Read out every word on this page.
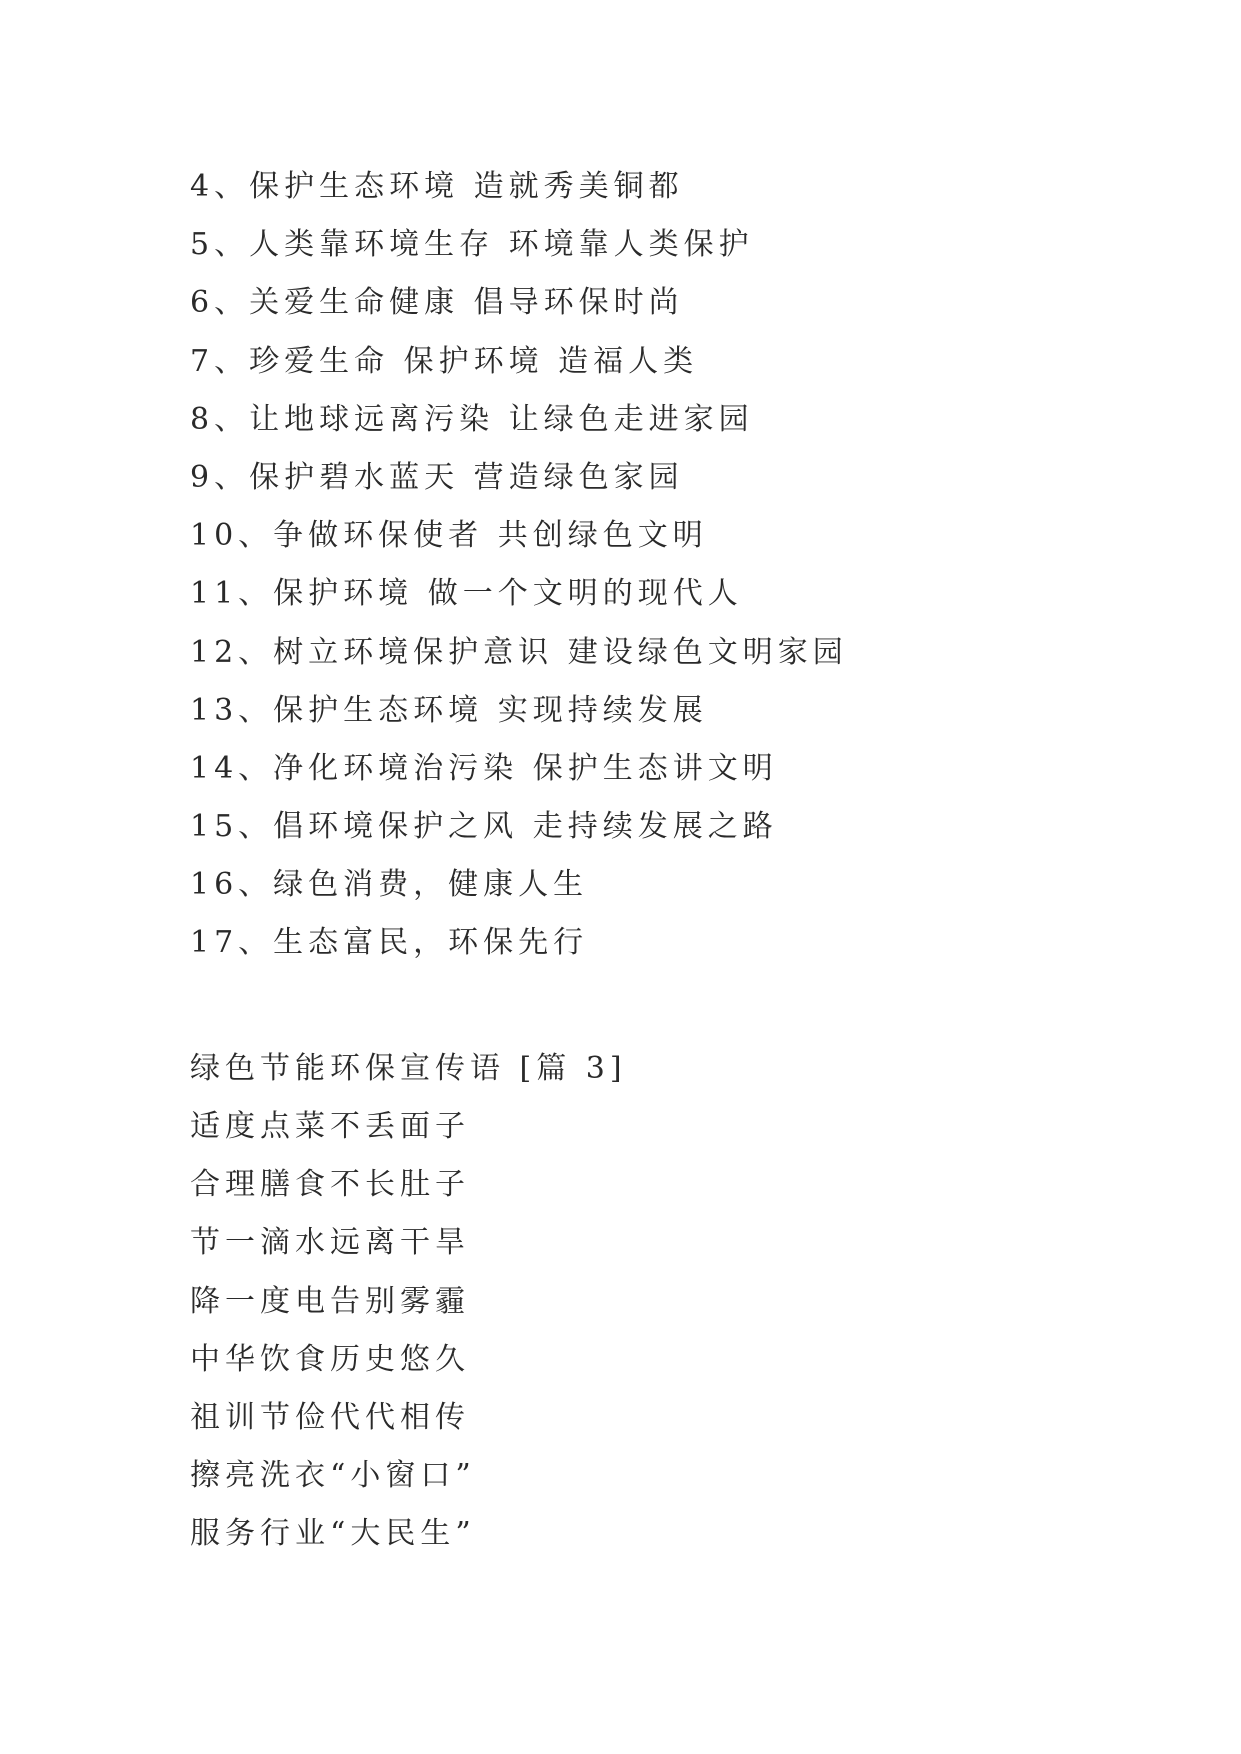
4、保护生态环境 造就秀美铜都
5、人类靠环境生存 环境靠人类保护
6、关爱生命健康 倡导环保时尚
7、珍爱生命 保护环境 造福人类
8、让地球远离污染 让绿色走进家园
9、保护碧水蓝天 营造绿色家园
10、争做环保使者 共创绿色文明
11、保护环境 做一个文明的现代人
12、树立环境保护意识 建设绿色文明家园
13、保护生态环境 实现持续发展
14、净化环境治污染 保护生态讲文明
15、倡环境保护之风 走持续发展之路
16、绿色消费，健康人生
17、生态富民，环保先行
绿色节能环保宣传语 [篇 3]
适度点菜不丢面子
合理膳食不长肚子
节一滴水远离干旱
降一度电告别雾霾
中华饮食历史悠久
祖训节俭代代相传
擦亮洗衣“小窗口”
服务行业“大民生”
